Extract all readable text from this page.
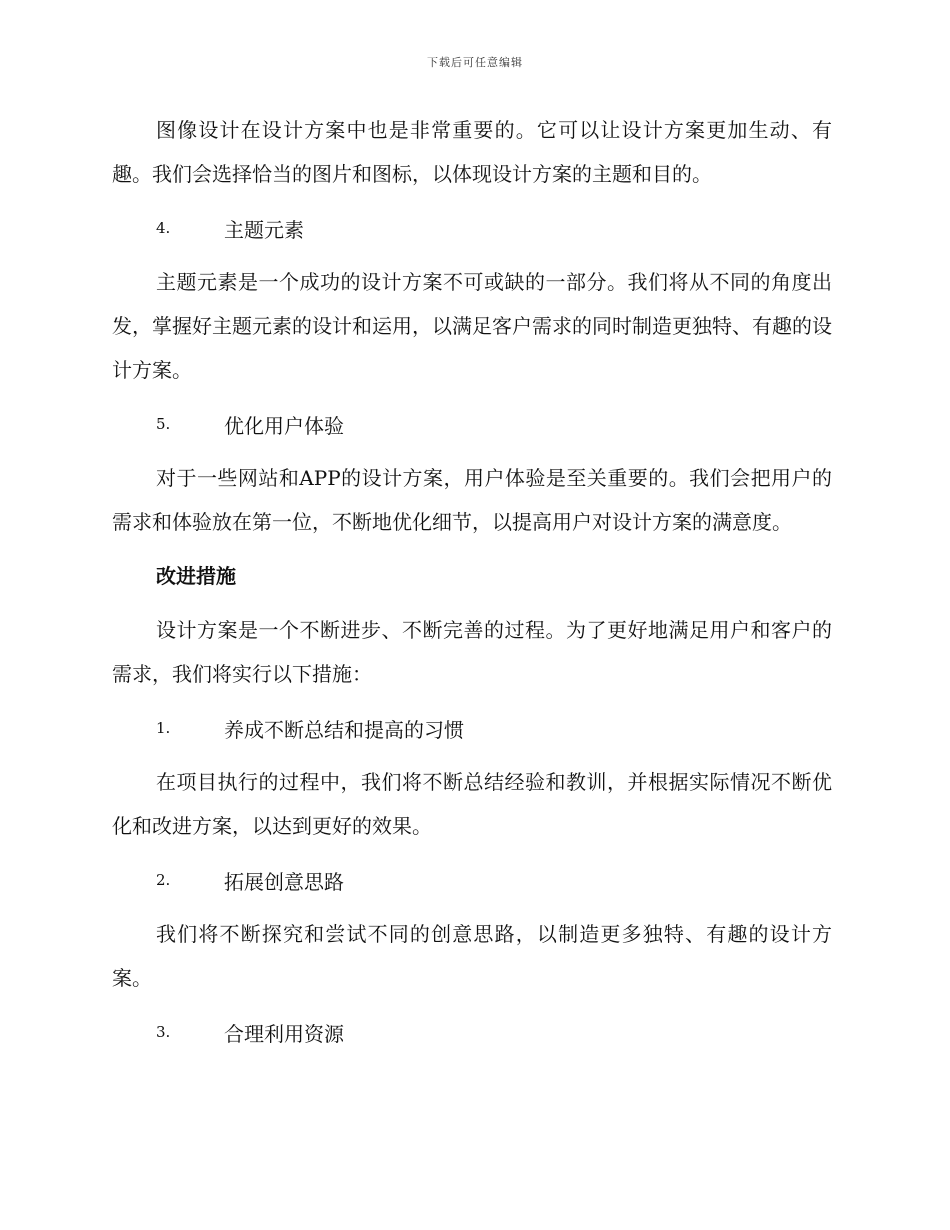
下载后可任意编辑

图像设计在设计方案中也是非常重要的。它可以让设计方案更加生动、有趣。我们会选择恰当的图片和图标，以体现设计方案的主题和目的。

4.	主题元素

主题元素是一个成功的设计方案不可或缺的一部分。我们将从不同的角度出发，掌握好主题元素的设计和运用，以满足客户需求的同时制造更独特、有趣的设计方案。

5.	优化用户体验

对于一些网站和APP的设计方案，用户体验是至关重要的。我们会把用户的需求和体验放在第一位，不断地优化细节，以提高用户对设计方案的满意度。

改进措施

设计方案是一个不断进步、不断完善的过程。为了更好地满足用户和客户的需求，我们将实行以下措施：

1.	养成不断总结和提高的习惯

在项目执行的过程中，我们将不断总结经验和教训，并根据实际情况不断优化和改进方案，以达到更好的效果。

2.	拓展创意思路

我们将不断探究和尝试不同的创意思路，以制造更多独特、有趣的设计方案。

3.	合理利用资源
